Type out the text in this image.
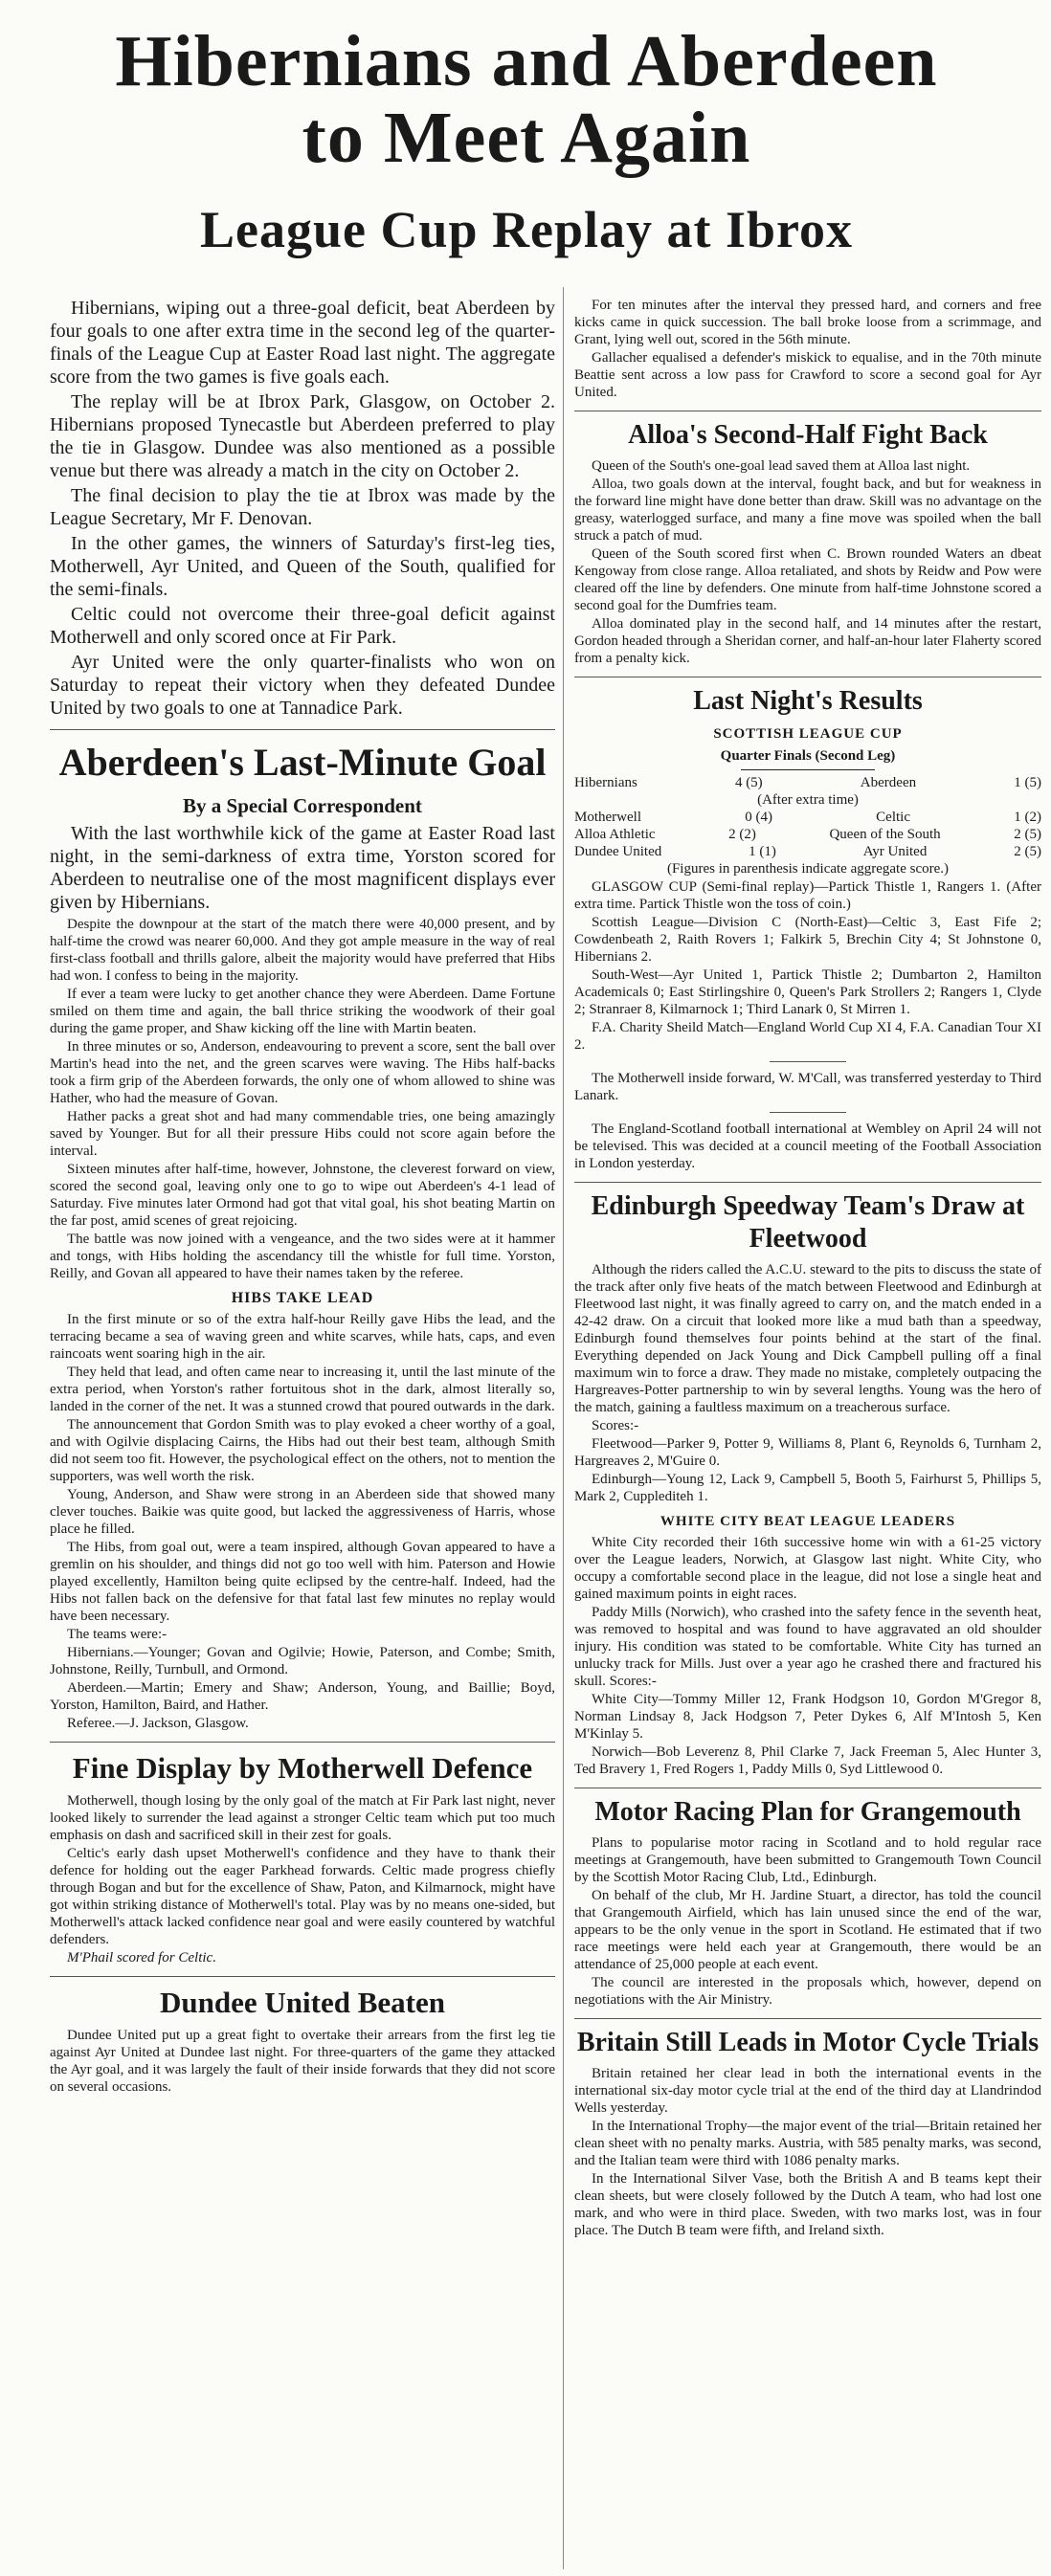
Hibernians and Aberdeen
to Meet Again
League Cup Replay at Ibrox

Hibernians, wiping out a three-goal deficit, beat Aberdeen by four goals to one after extra time in the second leg of the quarter-finals of the League Cup at Easter Road last night. The aggregate score from the two games is five goals each.

The replay will be at Ibrox Park, Glasgow, on October 2. Hibernians proposed Tynecastle but Aberdeen preferred to play the tie in Glasgow. Dundee was also mentioned as a possible venue but there was already a match in the city on October 2.

The final decision to play the tie at Ibrox was made by the League Secretary, Mr F. Denovan.

In the other games, the winners of Saturday's first-leg ties, Motherwell, Ayr United, and Queen of the South, qualified for the semi-finals.

Celtic could not overcome their three-goal deficit against Motherwell and only scored once at Fir Park.

Ayr United were the only quarter-finalists who won on Saturday to repeat their victory when they defeated Dundee United by two goals to one at Tannadice Park.

Aberdeen's Last-Minute Goal
By a Special Correspondent

With the last worthwhile kick of the game at Easter Road last night, in the semi-darkness of extra time, Yorston scored for Aberdeen to neutralise one of the most magnificent displays ever given by Hibernians.

Despite the downpour at the start of the match there were 40,000 present, and by half-time the crowd was nearer 60,000. And they got ample measure in the way of real first-class football and thrills galore, albeit the majority would have preferred that Hibs had won. I confess to being in the majority.

If ever a team were lucky to get another chance they were Aberdeen. Dame Fortune smiled on them time and again, the ball thrice striking the woodwork of their goal during the game proper, and Shaw kicking off the line with Martin beaten.

In three minutes or so, Anderson, endeavouring to prevent a score, sent the ball over Martin's head into the net, and the green scarves were waving. The Hibs half-backs took a firm grip of the Aberdeen forwards, the only one of whom allowed to shine was Hather, who had the measure of Govan.

Hather packs a great shot and had many commendable tries, one being amazingly saved by Younger. But for all their pressure Hibs could not score again before the interval.

Sixteen minutes after half-time, however, Johnstone, the cleverest forward on view, scored the second goal, leaving only one to go to wipe out Aberdeen's 4-1 lead of Saturday. Five minutes later Ormond had got that vital goal, his shot beating Martin on the far post, amid scenes of great rejoicing.

The battle was now joined with a vengeance, and the two sides were at it hammer and tongs, with Hibs holding the ascendancy till the whistle for full time. Yorston, Reilly, and Govan all appeared to have their names taken by the referee.

HIBS TAKE LEAD

In the first minute or so of the extra half-hour Reilly gave Hibs the lead, and the terracing became a sea of waving green and white scarves, while hats, caps, and even raincoats went soaring high in the air.

They held that lead, and often came near to increasing it, until the last minute of the extra period, when Yorston's rather fortuitous shot in the dark, almost literally so, landed in the corner of the net. It was a stunned crowd that poured outwards in the dark.

The announcement that Gordon Smith was to play evoked a cheer worthy of a goal, and with Ogilvie displacing Cairns, the Hibs had out their best team, although Smith did not seem too fit. However, the psychological effect on the others, not to mention the supporters, was well worth the risk.

Young, Anderson, and Shaw were strong in an Aberdeen side that showed many clever touches. Baikie was quite good, but lacked the aggressiveness of Harris, whose place he filled.

The Hibs, from goal out, were a team inspired, although Govan appeared to have a gremlin on his shoulder, and things did not go too well with him. Paterson and Howie played excellently, Hamilton being quite eclipsed by the centre-half. Indeed, had the Hibs not fallen back on the defensive for that fatal last few minutes no replay would have been necessary.

The teams were:-

Hibernians.—Younger; Govan and Ogilvie; Howie, Paterson, and Combe; Smith, Johnstone, Reilly, Turnbull, and Ormond.

Aberdeen.—Martin; Emery and Shaw; Anderson, Young, and Baillie; Boyd, Yorston, Hamilton, Baird, and Hather.

Referee.—J. Jackson, Glasgow.

Fine Display by Motherwell Defence

Motherwell, though losing by the only goal of the match at Fir Park last night, never looked likely to surrender the lead against a stronger Celtic team which put too much emphasis on dash and sacrificed skill in their zest for goals.

Celtic's early dash upset Motherwell's confidence and they have to thank their defence for holding out the eager Parkhead forwards. Celtic made progress chiefly through Bogan and but for the excellence of Shaw, Paton, and Kilmarnock, might have got within striking distance of Motherwell's total. Play was by no means one-sided, but Motherwell's attack lacked confidence near goal and were easily countered by watchful defenders.

M'Phail scored for Celtic.

Dundee United Beaten

Dundee United put up a great fight to overtake their arrears from the first leg tie against Ayr United at Dundee last night. For three-quarters of the game they attacked the Ayr goal, and it was largely the fault of their inside forwards that they did not score on several occasions.

For ten minutes after the interval they pressed hard, and corners and free kicks came in quick succession. The ball broke loose from a scrimmage, and Grant, lying well out, scored in the 56th minute.

Gallacher equalised a defender's miskick to equalise, and in the 70th minute Beattie sent across a low pass for Crawford to score a second goal for Ayr United.

Alloa's Second-Half Fight Back

Queen of the South's one-goal lead saved them at Alloa last night.

Alloa, two goals down at the interval, fought back, and but for weakness in the forward line might have done better than draw. Skill was no advantage on the greasy, waterlogged surface, and many a fine move was spoiled when the ball struck a patch of mud.

Queen of the South scored first when C. Brown rounded Waters an dbeat Kengoway from close range. Alloa retaliated, and shots by Reidw and Pow were cleared off the line by defenders. One minute from half-time Johnstone scored a second goal for the Dumfries team.

Alloa dominated play in the second half, and 14 minutes after the restart, Gordon headed through a Sheridan corner, and half-an-hour later Flaherty scored from a penalty kick.

Last Night's Results
SCOTTISH LEAGUE CUP
Quarter Finals (Second Leg)
Hibernians	4 (5)	Aberdeen	1 (5)
(After extra time)
Motherwell	0 (4)	Celtic	1 (2)
Alloa Athletic	2 (2)	Queen of the South	2 (5)
Dundee United	1 (1)	Ayr United	2 (5)

(Figures in parenthesis indicate aggregate score.)

GLASGOW CUP (Semi-final replay)—Partick Thistle 1, Rangers 1. (After extra time. Partick Thistle won the toss of coin.)

Scottish League—Division C (North-East)—Celtic 3, East Fife 2; Cowdenbeath 2, Raith Rovers 1; Falkirk 5, Brechin City 4; St Johnstone 0, Hibernians 2.

South-West—Ayr United 1, Partick Thistle 2; Dumbarton 2, Hamilton Academicals 0; East Stirlingshire 0, Queen's Park Strollers 2; Rangers 1, Clyde 2; Stranraer 8, Kilmarnock 1; Third Lanark 0, St Mirren 1.

F.A. Charity Sheild Match—England World Cup XI 4, F.A. Canadian Tour XI 2.

The Motherwell inside forward, W. M'Call, was transferred yesterday to Third Lanark.

The England-Scotland football international at Wembley on April 24 will not be televised. This was decided at a council meeting of the Football Association in London yesterday.

Edinburgh Speedway Team's Draw at Fleetwood

Although the riders called the A.C.U. steward to the pits to discuss the state of the track after only five heats of the match between Fleetwood and Edinburgh at Fleetwood last night, it was finally agreed to carry on, and the match ended in a 42-42 draw. On a circuit that looked more like a mud bath than a speedway, Edinburgh found themselves four points behind at the start of the final. Everything depended on Jack Young and Dick Campbell pulling off a final maximum win to force a draw. They made no mistake, completely outpacing the Hargreaves-Potter partnership to win by several lengths. Young was the hero of the match, gaining a faultless maximum on a treacherous surface.

Scores:-

Fleetwood—Parker 9, Potter 9, Williams 8, Plant 6, Reynolds 6, Turnham 2, Hargreaves 2, M'Guire 0.

Edinburgh—Young 12, Lack 9, Campbell 5, Booth 5, Fairhurst 5, Phillips 5, Mark 2, Cupplediteh 1.

WHITE CITY BEAT LEAGUE LEADERS

White City recorded their 16th successive home win with a 61-25 victory over the League leaders, Norwich, at Glasgow last night. White City, who occupy a comfortable second place in the league, did not lose a single heat and gained maximum points in eight races.

Paddy Mills (Norwich), who crashed into the safety fence in the seventh heat, was removed to hospital and was found to have aggravated an old shoulder injury. His condition was stated to be comfortable. White City has turned an unlucky track for Mills. Just over a year ago he crashed there and fractured his skull. Scores:-

White City—Tommy Miller 12, Frank Hodgson 10, Gordon M'Gregor 8, Norman Lindsay 8, Jack Hodgson 7, Peter Dykes 6, Alf M'Intosh 5, Ken M'Kinlay 5.

Norwich—Bob Leverenz 8, Phil Clarke 7, Jack Freeman 5, Alec Hunter 3, Ted Bravery 1, Fred Rogers 1, Paddy Mills 0, Syd Littlewood 0.

Motor Racing Plan for Grangemouth

Plans to popularise motor racing in Scotland and to hold regular race meetings at Grangemouth, have been submitted to Grangemouth Town Council by the Scottish Motor Racing Club, Ltd., Edinburgh.

On behalf of the club, Mr H. Jardine Stuart, a director, has told the council that Grangemouth Airfield, which has lain unused since the end of the war, appears to be the only venue in the sport in Scotland. He estimated that if two race meetings were held each year at Grangemouth, there would be an attendance of 25,000 people at each event.

The council are interested in the proposals which, however, depend on negotiations with the Air Ministry.

Britain Still Leads in Motor Cycle Trials

Britain retained her clear lead in both the international events in the international six-day motor cycle trial at the end of the third day at Llandrindod Wells yesterday.

In the International Trophy—the major event of the trial—Britain retained her clean sheet with no penalty marks. Austria, with 585 penalty marks, was second, and the Italian team were third with 1086 penalty marks.

In the International Silver Vase, both the British A and B teams kept their clean sheets, but were closely followed by the Dutch A team, who had lost one mark, and who were in third place. Sweden, with two marks lost, was in four place. The Dutch B team were fifth, and Ireland sixth.
